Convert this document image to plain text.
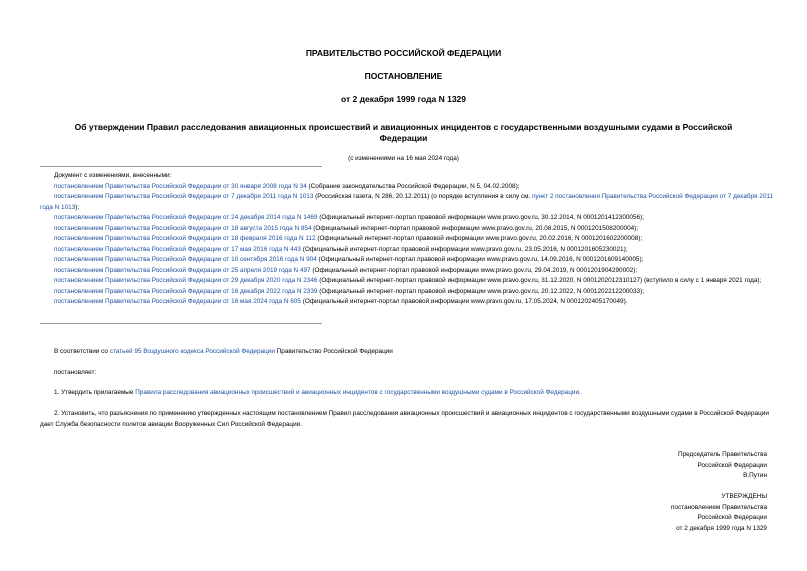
ПРАВИТЕЛЬСТВО РОССИЙСКОЙ ФЕДЕРАЦИИ
ПОСТАНОВЛЕНИЕ
от 2 декабря 1999 года N 1329
Об утверждении Правил расследования авиационных происшествий и авиационных инцидентов с государственными воздушными судами в Российской Федерации
(с изменениями на 16 мая 2024 года)

Документ с изменениями, внесенными:

постановлением Правительства Российской Федерации от 30 января 2008 года N 34 (Собрание законодательства Российской Федерации, N 5, 04.02.2008);

постановлением Правительства Российской Федерации от 7 декабря 2011 года N 1013 (Российская газета, N 286, 20.12.2011) (о порядке вступления в силу см. пункт 2 постановления Правительства Российской Федерации от 7 декабря 2011 года N 1013);

постановлением Правительства Российской Федерации от 24 декабря 2014 года N 1469 (Официальный интернет-портал правовой информации www.pravo.gov.ru, 30.12.2014, N 0001201412300056);

постановлением Правительства Российской Федерации от 18 августа 2015 года N 854 (Официальный интернет-портал правовой информации www.pravo.gov.ru, 20.08.2015, N 0001201508200004);

постановлением Правительства Российской Федерации от 18 февраля 2016 года N 112 (Официальный интернет-портал правовой информации www.pravo.gov.ru, 20.02.2016, N 0001201602200008);

постановлением Правительства Российской Федерации от 17 мая 2016 года N 443 (Официальный интернет-портал правовой информации www.pravo.gov.ru, 23.05.2016, N 0001201605230021);

постановлением Правительства Российской Федерации от 10 сентября 2016 года N 904 (Официальный интернет-портал правовой информации www.pravo.gov.ru, 14.09.2016, N 0001201609140005);

постановлением Правительства Российской Федерации от 25 апреля 2019 года N 497 (Официальный интернет-портал правовой информации www.pravo.gov.ru, 29.04.2019, N 0001201904290002);

постановлением Правительства Российской Федерации от 29 декабря 2020 года N 2346 (Официальный интернет-портал правовой информации www.pravo.gov.ru, 31.12.2020, N 0001202012310127) (вступило в силу с 1 января 2021 года);

постановлением Правительства Российской Федерации от 16 декабря 2022 года N 2339 (Официальный интернет-портал правовой информации www.pravo.gov.ru, 20.12.2022, N 0001202212200033);

постановлением Правительства Российской Федерации от 16 мая 2024 года N 605 (Официальный интернет-портал правовой информации www.pravo.gov.ru, 17.05.2024, N 0001202405170049).

В соответствии со статьей 95 Воздушного кодекса Российской Федерации Правительство Российской Федерации

постановляет:

1. Утвердить прилагаемые Правила расследования авиационных происшествий и авиационных инцидентов с государственными воздушными судами в Российской Федерации.

2. Установить, что разъяснения по применению утвержденных настоящим постановлением Правил расследования авиационных происшествий и авиационных инцидентов с государственными воздушными судами в Российской Федерации дает Служба безопасности полетов авиации Вооруженных Сил Российской Федерации.

Председатель Правительства
Российской Федерации
В.Путин
УТВЕРЖДЕНЫ
постановлением Правительства
Российской Федерации
от 2 декабря 1999 года N 1329
